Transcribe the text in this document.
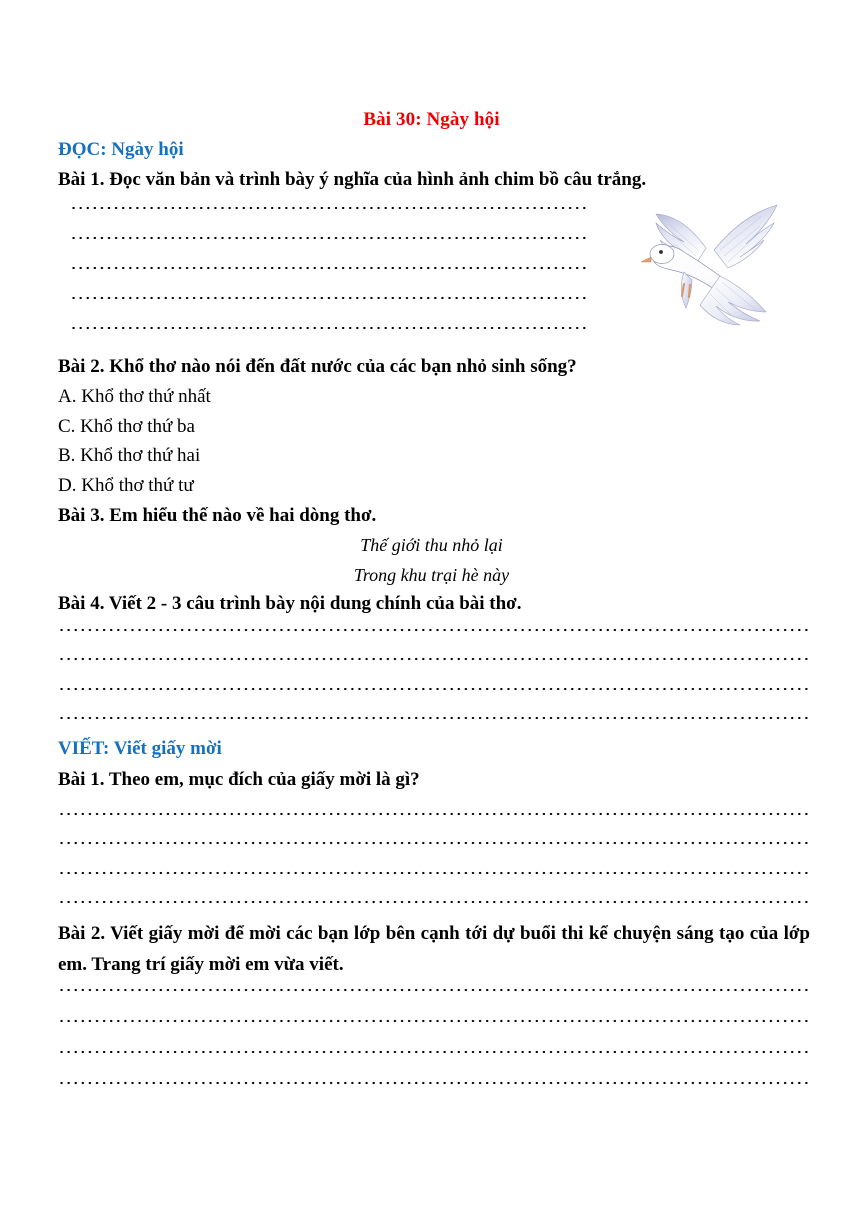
Bài 30: Ngày hội
ĐỌC: Ngày hội
Bài 1. Đọc văn bản và trình bày ý nghĩa của hình ảnh chim bồ câu trắng.
Bài 2. Khổ thơ nào nói đến đất nước của các bạn nhỏ sinh sống?
A. Khổ thơ thứ nhất
C. Khổ thơ thứ ba
B. Khổ thơ thứ hai
D. Khổ thơ thứ tư
Bài 3. Em hiểu thế nào về hai dòng thơ.
Thế giới thu nhỏ lại
Trong khu trại hè này
Bài 4. Viết 2 - 3 câu trình bày nội dung chính của bài thơ.
VIẾT: Viết giấy mời
Bài 1. Theo em, mục đích của giấy mời là gì?
Bài 2. Viết giấy mời để mời các bạn lớp bên cạnh tới dự buổi thi kể chuyện sáng tạo của lớp em. Trang trí giấy mời em vừa viết.
